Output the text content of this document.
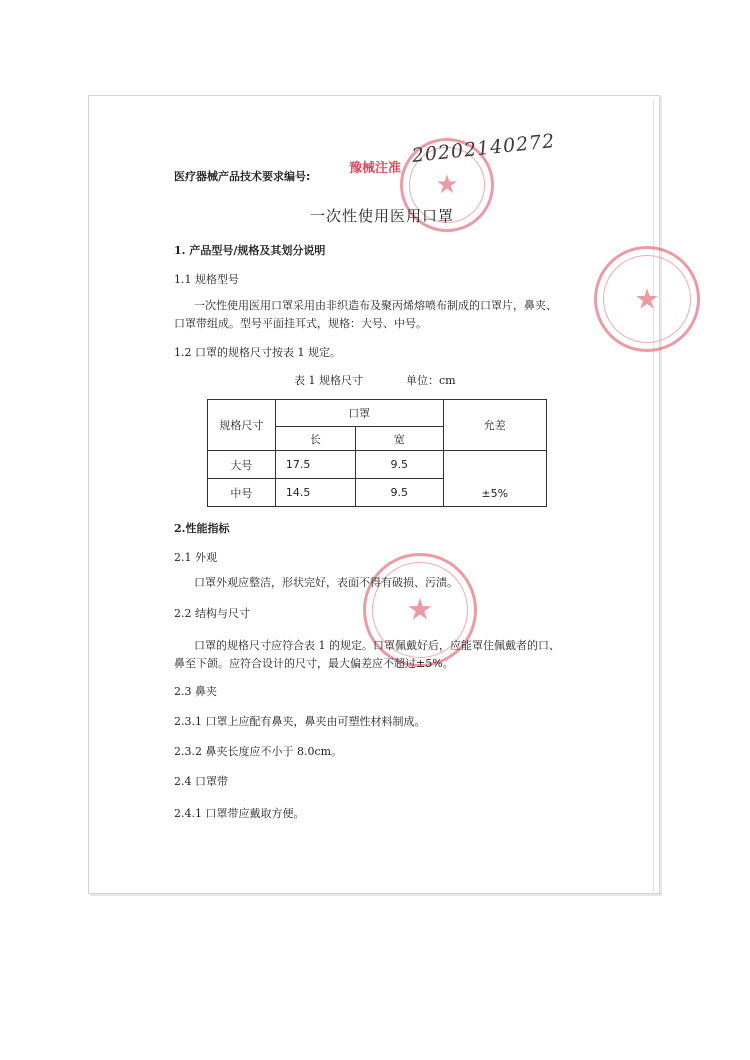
★
★
★
医疗器械产品技术要求编号:
豫械注准
20202140272
一次性使用医用口罩
1. 产品型号/规格及其划分说明
1.1 规格型号
一次性使用医用口罩采用由非织造布及聚丙烯熔喷布制成的口罩片，鼻夹、
口罩带组成。型号平面挂耳式，规格：大号、中号。
1.2 口罩的规格尺寸按表 1 规定。
表 1 规格尺寸	单位：cm
规格尺寸	口罩		允差
	长	宽	
大号	17.5	9.5	±5%
中号	14.5	9.5	
2.性能指标
2.1 外观
口罩外观应整洁，形状完好，表面不得有破损、污渍。
2.2 结构与尺寸
口罩的规格尺寸应符合表 1 的规定。口罩佩戴好后，应能罩住佩戴者的口、
鼻至下颌。应符合设计的尺寸，最大偏差应不超过±5%。
2.3 鼻夹
2.3.1 口罩上应配有鼻夹，鼻夹由可塑性材料制成。
2.3.2 鼻夹长度应不小于 8.0cm。
2.4 口罩带
2.4.1 口罩带应戴取方便。
